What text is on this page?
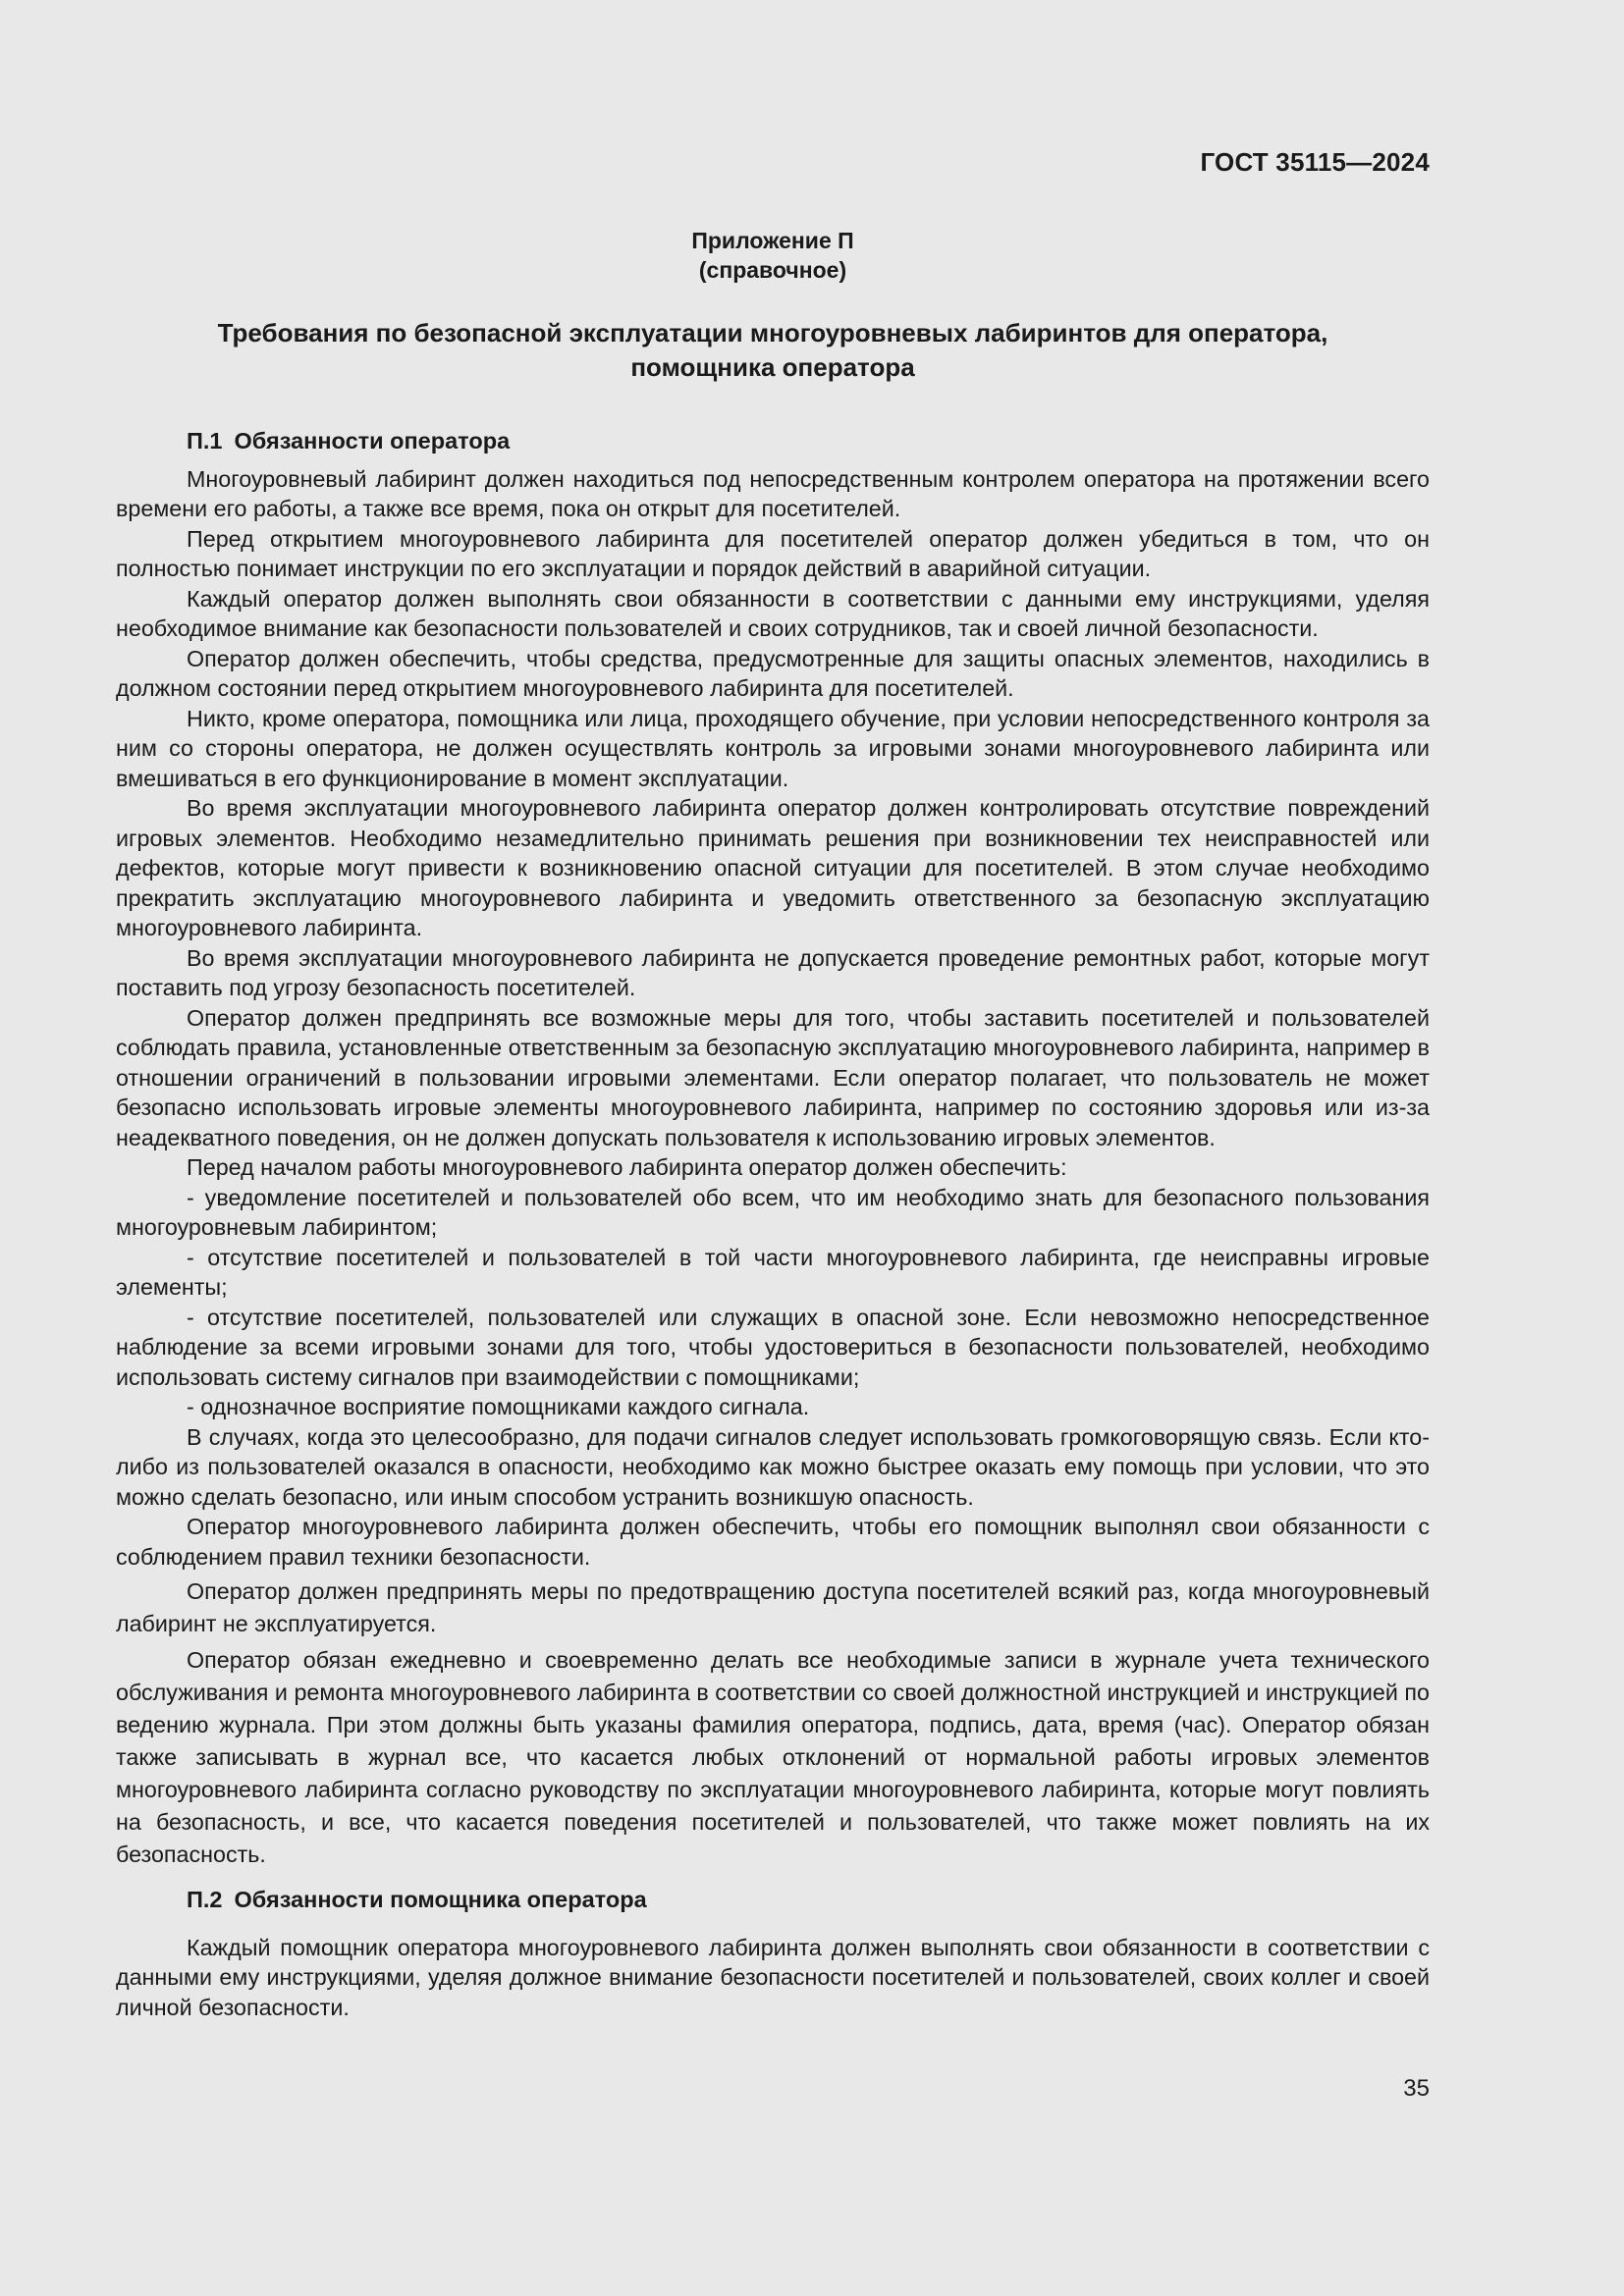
ГОСТ 35115—2024
Приложение П
(справочное)
Требования по безопасной эксплуатации многоуровневых лабиринтов для оператора,
помощника оператора
П.1 Обязанности оператора

Многоуровневый лабиринт должен находиться под непосредственным контролем оператора на протяжении всего времени его работы, а также все время, пока он открыт для посетителей.

Перед открытием многоуровневого лабиринта для посетителей оператор должен убедиться в том, что он полностью понимает инструкции по его эксплуатации и порядок действий в аварийной ситуации.

Каждый оператор должен выполнять свои обязанности в соответствии с данными ему инструкциями, уделяя необходимое внимание как безопасности пользователей и своих сотрудников, так и своей личной безопасности.

Оператор должен обеспечить, чтобы средства, предусмотренные для защиты опасных элементов, находились в должном состоянии перед открытием многоуровневого лабиринта для посетителей.

Никто, кроме оператора, помощника или лица, проходящего обучение, при условии непосредственного контроля за ним со стороны оператора, не должен осуществлять контроль за игровыми зонами многоуровневого лабиринта или вмешиваться в его функционирование в момент эксплуатации.

Во время эксплуатации многоуровневого лабиринта оператор должен контролировать отсутствие повреждений игровых элементов. Необходимо незамедлительно принимать решения при возникновении тех неисправностей или дефектов, которые могут привести к возникновению опасной ситуации для посетителей. В этом случае необходимо прекратить эксплуатацию многоуровневого лабиринта и уведомить ответственного за безопасную эксплуатацию многоуровневого лабиринта.

Во время эксплуатации многоуровневого лабиринта не допускается проведение ремонтных работ, которые могут поставить под угрозу безопасность посетителей.

Оператор должен предпринять все возможные меры для того, чтобы заставить посетителей и пользователей соблюдать правила, установленные ответственным за безопасную эксплуатацию многоуровневого лабиринта, например в отношении ограничений в пользовании игровыми элементами. Если оператор полагает, что пользователь не может безопасно использовать игровые элементы многоуровневого лабиринта, например по состоянию здоровья или из-за неадекватного поведения, он не должен допускать пользователя к использованию игровых элементов.

Перед началом работы многоуровневого лабиринта оператор должен обеспечить:

- уведомление посетителей и пользователей обо всем, что им необходимо знать для безопасного пользования многоуровневым лабиринтом;

- отсутствие посетителей и пользователей в той части многоуровневого лабиринта, где неисправны игровые элементы;

- отсутствие посетителей, пользователей или служащих в опасной зоне. Если невозможно непосредственное наблюдение за всеми игровыми зонами для того, чтобы удостовериться в безопасности пользователей, необходимо использовать систему сигналов при взаимодействии с помощниками;

- однозначное восприятие помощниками каждого сигнала.

В случаях, когда это целесообразно, для подачи сигналов следует использовать громкоговорящую связь. Если кто-либо из пользователей оказался в опасности, необходимо как можно быстрее оказать ему помощь при условии, что это можно сделать безопасно, или иным способом устранить возникшую опасность.

Оператор многоуровневого лабиринта должен обеспечить, чтобы его помощник выполнял свои обязанности с соблюдением правил техники безопасности.

Оператор должен предпринять меры по предотвращению доступа посетителей всякий раз, когда многоуровневый лабиринт не эксплуатируется.

Оператор обязан ежедневно и своевременно делать все необходимые записи в журнале учета технического обслуживания и ремонта многоуровневого лабиринта в соответствии со своей должностной инструкцией и инструкцией по ведению журнала. При этом должны быть указаны фамилия оператора, подпись, дата, время (час). Оператор обязан также записывать в журнал все, что касается любых отклонений от нормальной работы игровых элементов многоуровневого лабиринта согласно руководству по эксплуатации многоуровневого лабиринта, которые могут повлиять на безопасность, и все, что касается поведения посетителей и пользователей, что также может повлиять на их безопасность.

П.2 Обязанности помощника оператора

Каждый помощник оператора многоуровневого лабиринта должен выполнять свои обязанности в соответствии с данными ему инструкциями, уделяя должное внимание безопасности посетителей и пользователей, своих коллег и своей личной безопасности.

35
